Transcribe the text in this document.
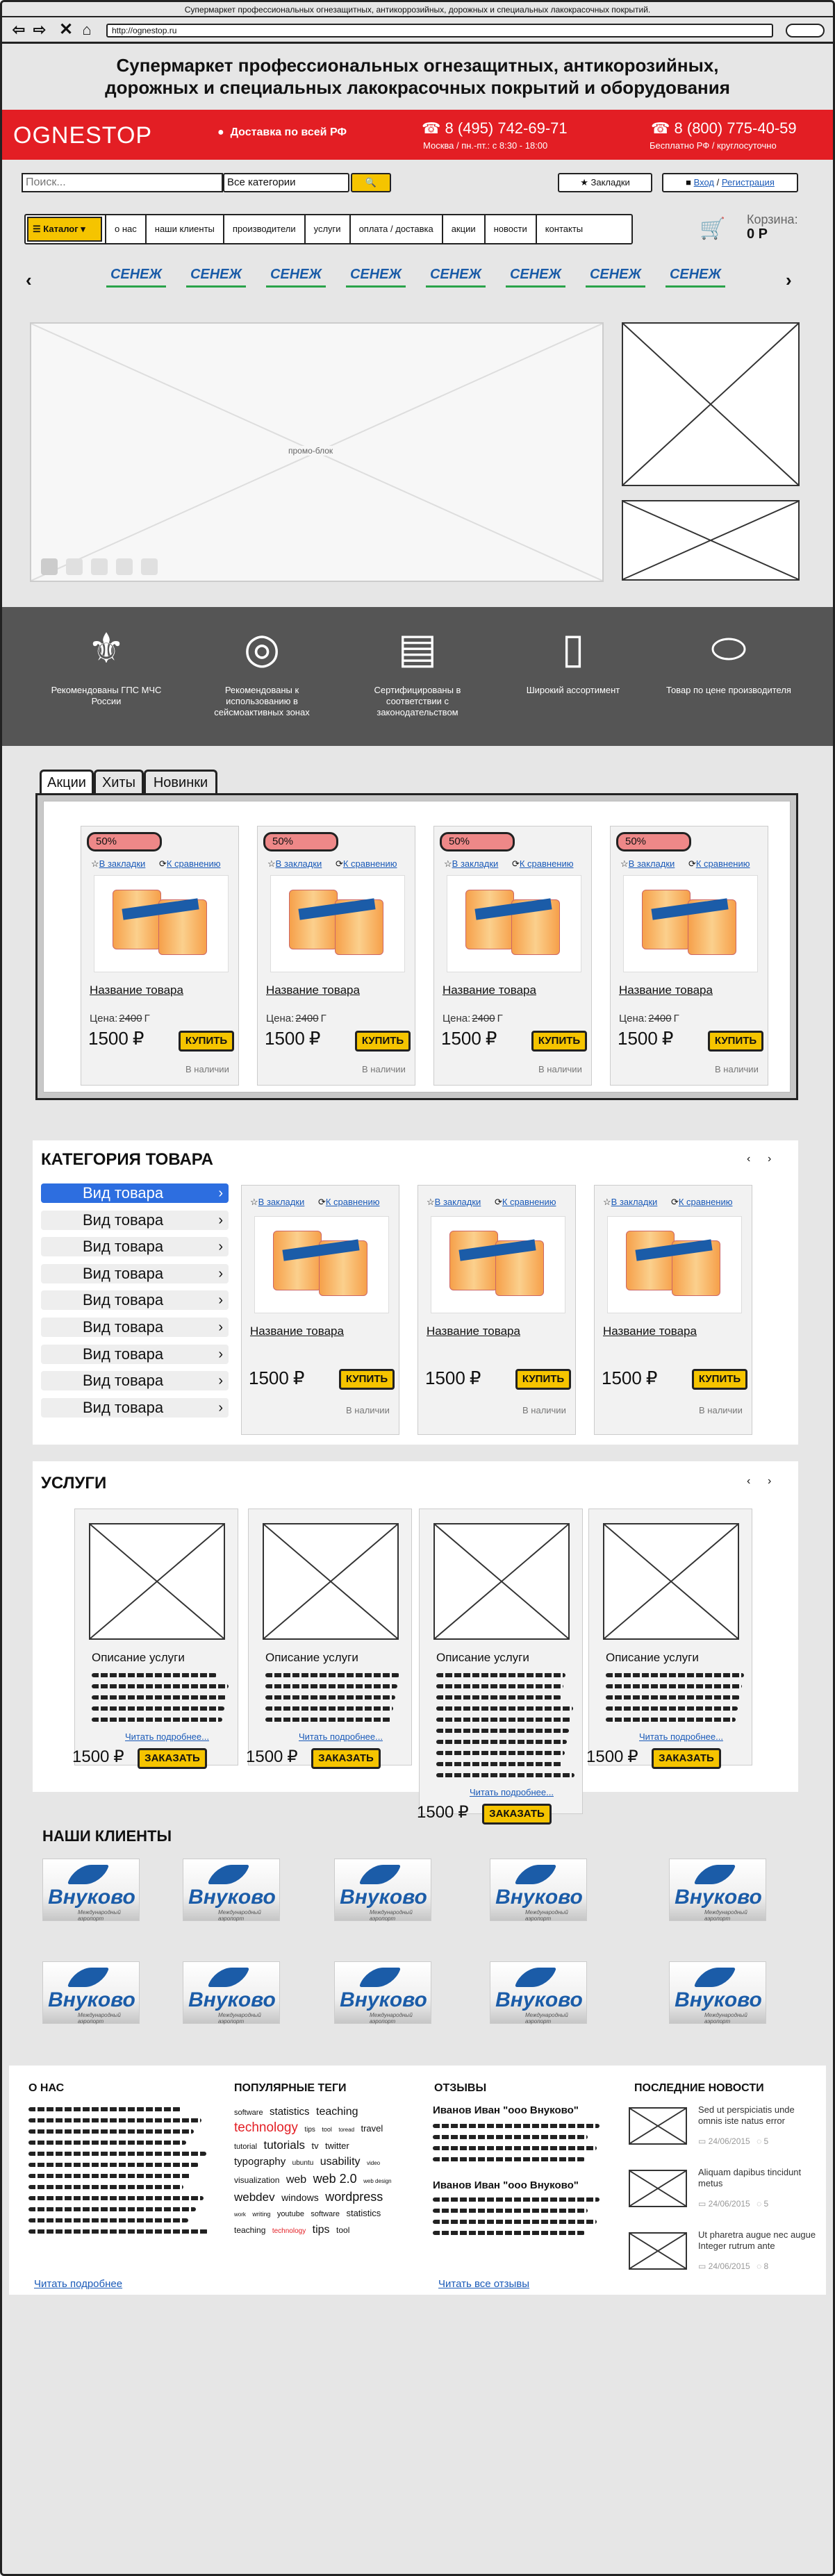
Супермаркет профессиональных огнезащитных, антикоррозийных, дорожных и специальных лакокрасочных покрытий.
⇦ ⇨ ✕ ⌂	http://ognestop.ru
Супермаркет профессиональных огнезащитных, антикорозийных,
дорожных и специальных лакокрасочных покрытий и оборудования
OGNESTOP	●  Доставка по всей РФ	☎ 8 (495) 742-69-71
Москва / пн.-пт.: с 8:30 - 18:00
☎ 8 (800) 775-40-59
Бесплатно РФ / круглосуточно
Поиск...
Все категории	🔍	★ Закладки	■ Вход / Регистрация
☰ Каталог ▾	о нас	наши клиенты	производители	услуги	оплата / доставка	акции	новости	контакты	🛒 Корзина:
0 Р
‹	СЕНЕЖ СЕНЕЖ СЕНЕЖ СЕНЕЖ СЕНЕЖ СЕНЕЖ СЕНЕЖ СЕНЕЖ	›
промо-блок
⚜
Рекомендованы ГПС МЧС России
◎
Рекомендованы к использованию в сейсмоактивных зонах
▤
Сертифицированы в соответствии с законодательством
▯
Широкий ассортимент
⬭
Товар по цене производителя
Акции	Хиты	Новинки
50%
☆В закладки ⟳К сравнению
Название товара
Цена: 2400 Г
1500 ₽	КУПИТЬ
В наличии
50%
☆В закладки ⟳К сравнению
Название товара
Цена: 2400 Г
1500 ₽	КУПИТЬ
В наличии
50%
☆В закладки ⟳К сравнению
Название товара
Цена: 2400 Г
1500 ₽	КУПИТЬ
В наличии
50%
☆В закладки ⟳К сравнению
Название товара
Цена: 2400 Г
1500 ₽	КУПИТЬ
В наличии
КАТЕГОРИЯ ТОВАРА	‹ ›
Вид товара	›
Вид товара	›
Вид товара	›
Вид товара	›
Вид товара	›
Вид товара	›
Вид товара	›
Вид товара	›
Вид товара	›
☆В закладки ⟳К сравнению
Название товара
1500 ₽	КУПИТЬ
В наличии
☆В закладки ⟳К сравнению
Название товара
1500 ₽	КУПИТЬ
В наличии
☆В закладки ⟳К сравнению
Название товара
1500 ₽	КУПИТЬ
В наличии
УСЛУГИ	‹ ›
Описание услуги
Читать подробнее...
1500 ₽	ЗАКАЗАТЬ
Описание услуги
Читать подробнее...
1500 ₽	ЗАКАЗАТЬ
Описание услуги
Читать подробнее...
1500 ₽	ЗАКАЗАТЬ
Описание услуги
Читать подробнее...
1500 ₽	ЗАКАЗАТЬ
НАШИ КЛИЕНТЫ
Внуково
Международный аэропорт
Внуково
Международный аэропорт
Внуково
Международный аэропорт
Внуково
Международный аэропорт
Внуково
Международный аэропорт
Внуково
Международный аэропорт
Внуково
Международный аэропорт
Внуково
Международный аэропорт
Внуково
Международный аэропорт
Внуково
Международный аэропорт
О НАС
Читать подробнее
ПОПУЛЯРНЫЕ ТЕГИ
software statistics teaching technology tips tool toread travel tutorial tutorials tv twitter typography ubuntu usability video visualization web web 2.0 web design webdev windows wordpress work writing youtube software statistics teaching technology tips tool
ОТЗЫВЫ
Иванов Иван "ооо Внуково"
Иванов Иван "ооо Внуково"
Читать все отзывы
ПОСЛЕДНИЕ НОВОСТИ
Sed ut perspiciatis unde omnis iste natus error
▭ 24/06/2015 ◌ 5
Aliquam dapibus tincidunt metus
▭ 24/06/2015 ◌ 5
Ut pharetra augue nec augue Integer rutrum ante
▭ 24/06/2015 ◌ 8
